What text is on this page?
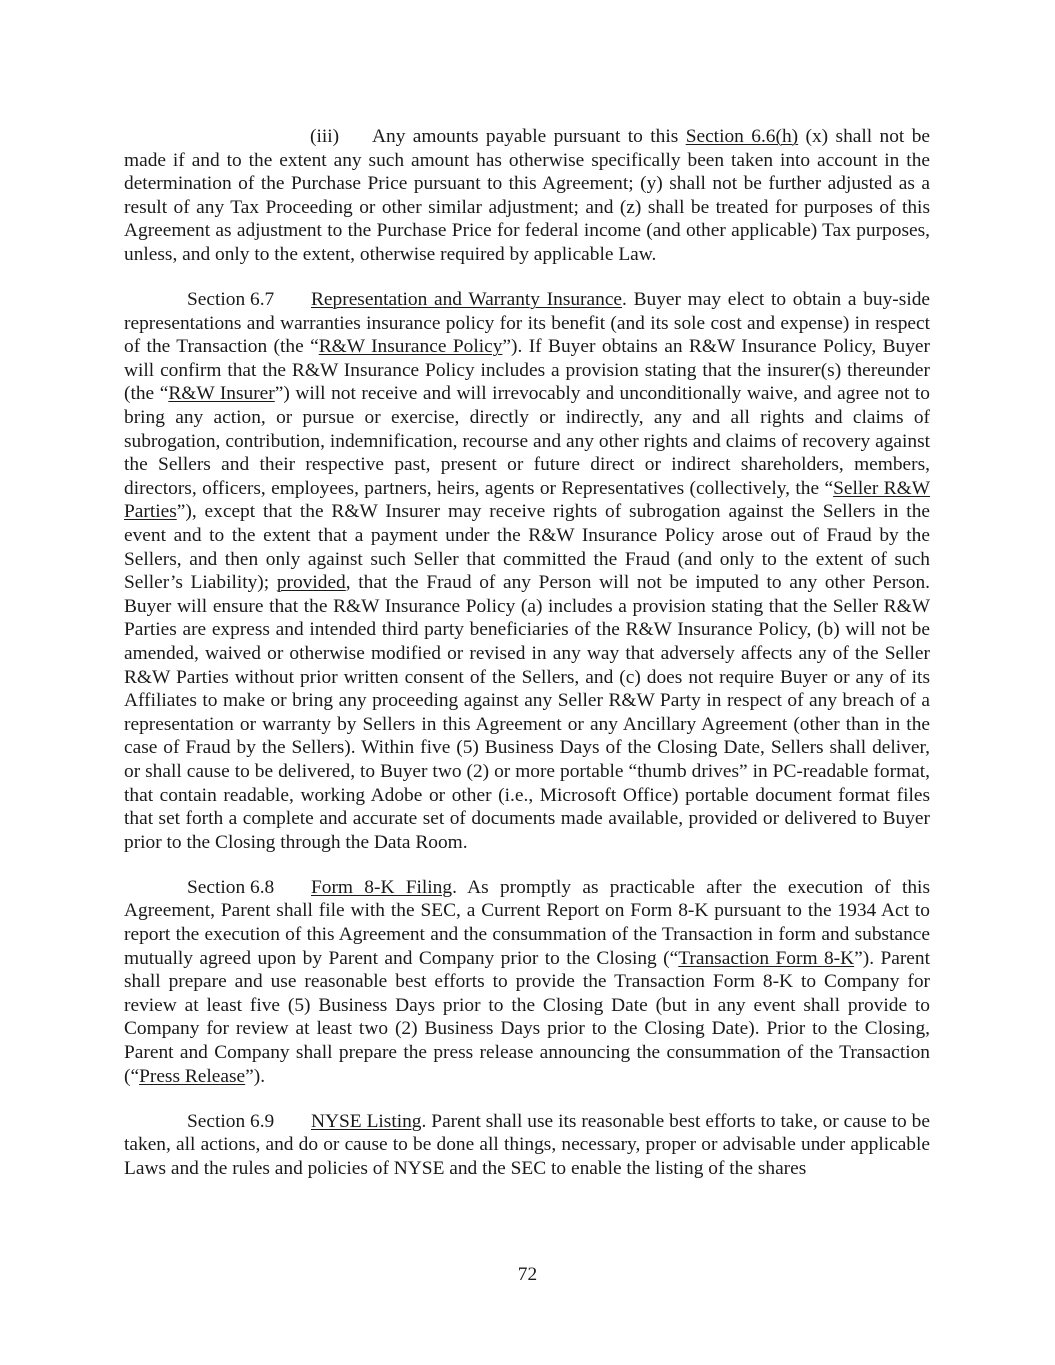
(iii) Any amounts payable pursuant to this Section 6.6(h) (x) shall not be made if and to the extent any such amount has otherwise specifically been taken into account in the determination of the Purchase Price pursuant to this Agreement; (y) shall not be further adjusted as a result of any Tax Proceeding or other similar adjustment; and (z) shall be treated for purposes of this Agreement as adjustment to the Purchase Price for federal income (and other applicable) Tax purposes, unless, and only to the extent, otherwise required by applicable Law.

Section 6.7 Representation and Warranty Insurance. Buyer may elect to obtain a buy-side representations and warranties insurance policy for its benefit (and its sole cost and expense) in respect of the Transaction (the “R&W Insurance Policy”). If Buyer obtains an R&W Insurance Policy, Buyer will confirm that the R&W Insurance Policy includes a provision stating that the insurer(s) thereunder (the “R&W Insurer”) will not receive and will irrevocably and unconditionally waive, and agree not to bring any action, or pursue or exercise, directly or indirectly, any and all rights and claims of subrogation, contribution, indemnification, recourse and any other rights and claims of recovery against the Sellers and their respective past, present or future direct or indirect shareholders, members, directors, officers, employees, partners, heirs, agents or Representatives (collectively, the “Seller R&W Parties”), except that the R&W Insurer may receive rights of subrogation against the Sellers in the event and to the extent that a payment under the R&W Insurance Policy arose out of Fraud by the Sellers, and then only against such Seller that committed the Fraud (and only to the extent of such Seller’s Liability); provided, that the Fraud of any Person will not be imputed to any other Person. Buyer will ensure that the R&W Insurance Policy (a) includes a provision stating that the Seller R&W Parties are express and intended third party beneficiaries of the R&W Insurance Policy, (b) will not be amended, waived or otherwise modified or revised in any way that adversely affects any of the Seller R&W Parties without prior written consent of the Sellers, and (c) does not require Buyer or any of its Affiliates to make or bring any proceeding against any Seller R&W Party in respect of any breach of a representation or warranty by Sellers in this Agreement or any Ancillary Agreement (other than in the case of Fraud by the Sellers). Within five (5) Business Days of the Closing Date, Sellers shall deliver, or shall cause to be delivered, to Buyer two (2) or more portable “thumb drives” in PC-readable format, that contain readable, working Adobe or other (i.e., Microsoft Office) portable document format files that set forth a complete and accurate set of documents made available, provided or delivered to Buyer prior to the Closing through the Data Room.

Section 6.8 Form 8-K Filing. As promptly as practicable after the execution of this Agreement, Parent shall file with the SEC, a Current Report on Form 8-K pursuant to the 1934 Act to report the execution of this Agreement and the consummation of the Transaction in form and substance mutually agreed upon by Parent and Company prior to the Closing (“Transaction Form 8-K”). Parent shall prepare and use reasonable best efforts to provide the Transaction Form 8-K to Company for review at least five (5) Business Days prior to the Closing Date (but in any event shall provide to Company for review at least two (2) Business Days prior to the Closing Date). Prior to the Closing, Parent and Company shall prepare the press release announcing the consummation of the Transaction (“Press Release”).

Section 6.9 NYSE Listing. Parent shall use its reasonable best efforts to take, or cause to be taken, all actions, and do or cause to be done all things, necessary, proper or advisable under applicable Laws and the rules and policies of NYSE and the SEC to enable the listing of the shares

72
